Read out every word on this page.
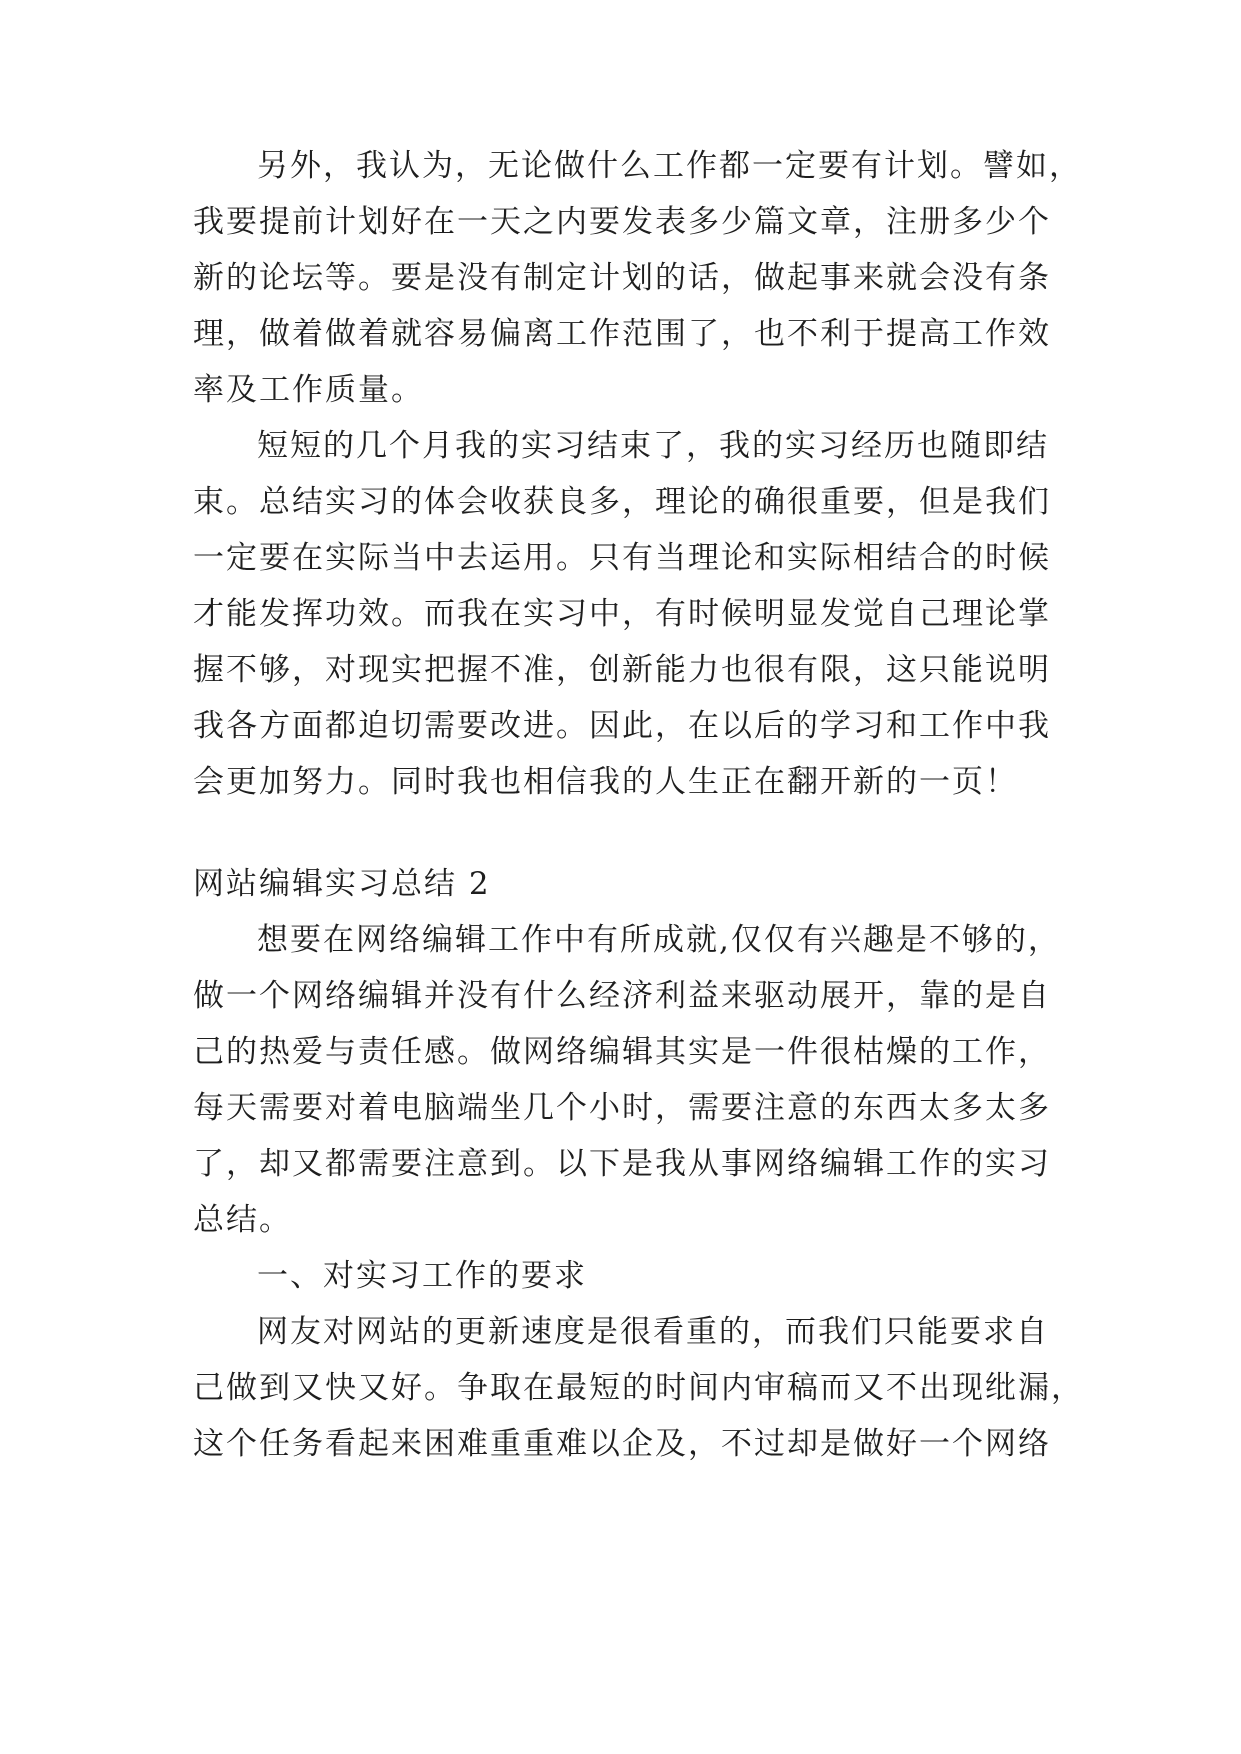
另外，我认为，无论做什么工作都一定要有计划。譬如，
我要提前计划好在一天之内要发表多少篇文章，注册多少个
新的论坛等。要是没有制定计划的话，做起事来就会没有条
理，做着做着就容易偏离工作范围了，也不利于提高工作效
率及工作质量。
短短的几个月我的实习结束了，我的实习经历也随即结
束。总结实习的体会收获良多，理论的确很重要，但是我们
一定要在实际当中去运用。只有当理论和实际相结合的时候
才能发挥功效。而我在实习中，有时候明显发觉自己理论掌
握不够，对现实把握不准，创新能力也很有限，这只能说明
我各方面都迫切需要改进。因此，在以后的学习和工作中我
会更加努力。同时我也相信我的人生正在翻开新的一页！
网站编辑实习总结 2
想要在网络编辑工作中有所成就,仅仅有兴趣是不够的，
做一个网络编辑并没有什么经济利益来驱动展开，靠的是自
己的热爱与责任感。做网络编辑其实是一件很枯燥的工作，
每天需要对着电脑端坐几个小时，需要注意的东西太多太多
了，却又都需要注意到。以下是我从事网络编辑工作的实习
总结。
一、对实习工作的要求
网友对网站的更新速度是很看重的，而我们只能要求自
己做到又快又好。争取在最短的时间内审稿而又不出现纰漏，
这个任务看起来困难重重难以企及，不过却是做好一个网络
